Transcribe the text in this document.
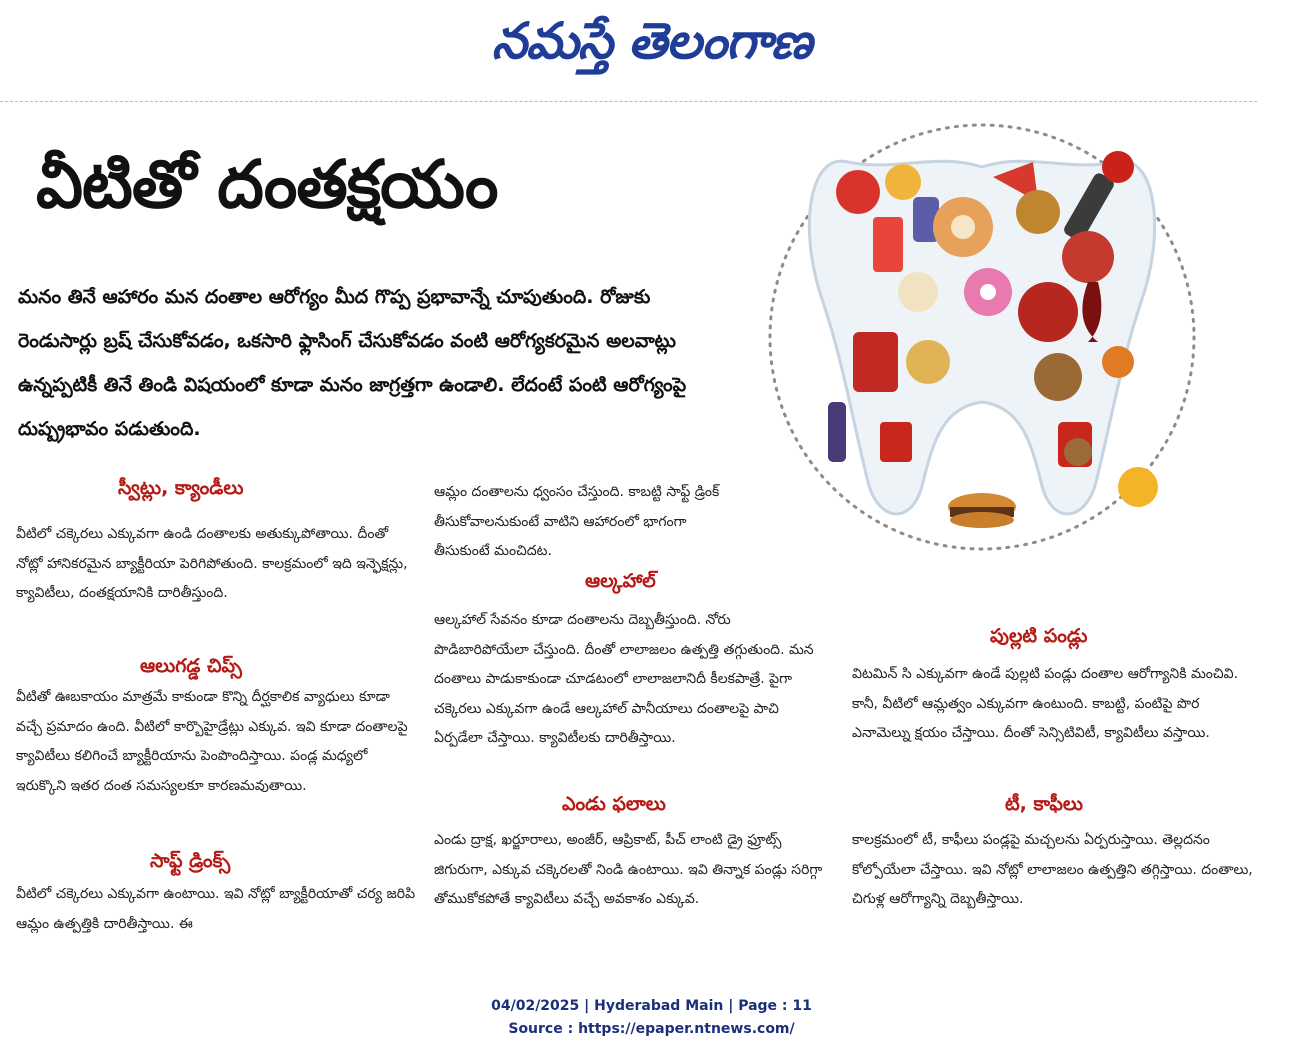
నమస్తే తెలంగాణ
వీటితో దంతక్షయం
మనం తినే ఆహారం మన దంతాల ఆరోగ్యం మీద గొప్ప ప్రభావాన్నే చూపుతుంది. రోజుకు రెండుసార్లు బ్రష్ చేసుకోవడం, ఒకసారి ఫ్లాసింగ్ చేసుకోవడం వంటి ఆరోగ్యకరమైన అలవాట్లు ఉన్నప్పటికీ తినే తిండి విషయంలో కూడా మనం జాగ్రత్తగా ఉండాలి. లేదంటే పంటి ఆరోగ్యంపై దుష్ప్రభావం పడుతుంది.
స్వీట్లు, క్యాండీలు
వీటిలో చక్కెరలు ఎక్కువగా ఉండి దంతాలకు అతుక్కుపోతాయి. దీంతో నోట్లో హానికరమైన బ్యాక్టీరియా పెరిగిపోతుంది. కాలక్రమంలో ఇది ఇన్ఫెక్షన్లు, క్యావిటీలు, దంతక్షయానికి దారితీస్తుంది.
ఆలుగడ్డ చిప్స్
వీటితో ఊబకాయం మాత్రమే కాకుండా కొన్ని దీర్ఘకాలిక వ్యాధులు కూడా వచ్చే ప్రమాదం ఉంది. వీటిలో కార్బొహైడ్రేట్లు ఎక్కువ. ఇవి కూడా దంతాలపై క్యావిటీలు కలిగించే బ్యాక్టీరియాను పెంపొందిస్తాయి. పండ్ల మధ్యలో ఇరుక్కొని ఇతర దంత సమస్యలకూ కారణమవుతాయి.
సాఫ్ట్ డ్రింక్స్
వీటిలో చక్కెరలు ఎక్కువగా ఉంటాయి. ఇవి నోట్లో బ్యాక్టీరియాతో చర్య జరిపి ఆమ్లం ఉత్పత్తికి దారితీస్తాయి. ఈ
ఆమ్లం దంతాలను ధ్వంసం చేస్తుంది. కాబట్టి సాఫ్ట్ డ్రింక్ తీసుకోవాలనుకుంటే వాటిని ఆహారంలో భాగంగా తీసుకుంటే మంచిదట.
ఆల్కహాల్
ఆల్కహాల్ సేవనం కూడా దంతాలను దెబ్బతీస్తుంది. నోరు పొడిబారిపోయేలా చేస్తుంది. దీంతో లాలాజలం ఉత్పత్తి తగ్గుతుంది. మన దంతాలు పాడుకాకుండా చూడటంలో లాలాజలానిదీ కీలకపాత్రే. పైగా చక్కెరలు ఎక్కువగా ఉండే ఆల్కహాల్ పానీయాలు దంతాలపై పాచి ఏర్పడేలా చేస్తాయి. క్యావిటీలకు దారితీస్తాయి.
ఎండు ఫలాలు
ఎండు ద్రాక్ష, ఖర్జూరాలు, అంజీర్, ఆప్రికాట్, పీచ్ లాంటి డ్రై ఫ్రూట్స్ జిగురుగా, ఎక్కువ చక్కెరలతో నిండి ఉంటాయి. ఇవి తిన్నాక పండ్లు సరిగ్గా తోముకోకపోతే క్యావిటీలు వచ్చే అవకాశం ఎక్కువ.
పుల్లటి పండ్లు
విటమిన్ సి ఎక్కువగా ఉండే పుల్లటి పండ్లు దంతాల ఆరోగ్యానికి మంచివి. కానీ, వీటిలో ఆమ్లత్వం ఎక్కువగా ఉంటుంది. కాబట్టి, పంటిపై పొర ఎనామెల్ను క్షయం చేస్తాయి. దీంతో సెన్సిటివిటీ, క్యావిటీలు వస్తాయి.
టీ, కాఫీలు
కాలక్రమంలో టీ, కాఫీలు పండ్లపై మచ్చలను ఏర్పరుస్తాయి. తెల్లదనం కోల్పోయేలా చేస్తాయి. ఇవి నోట్లో లాలాజలం ఉత్పత్తిని తగ్గిస్తాయి. దంతాలు, చిగుళ్ల ఆరోగ్యాన్ని దెబ్బతీస్తాయి.
04/02/2025 | Hyderabad Main | Page : 11
Source : https://epaper.ntnews.com/
